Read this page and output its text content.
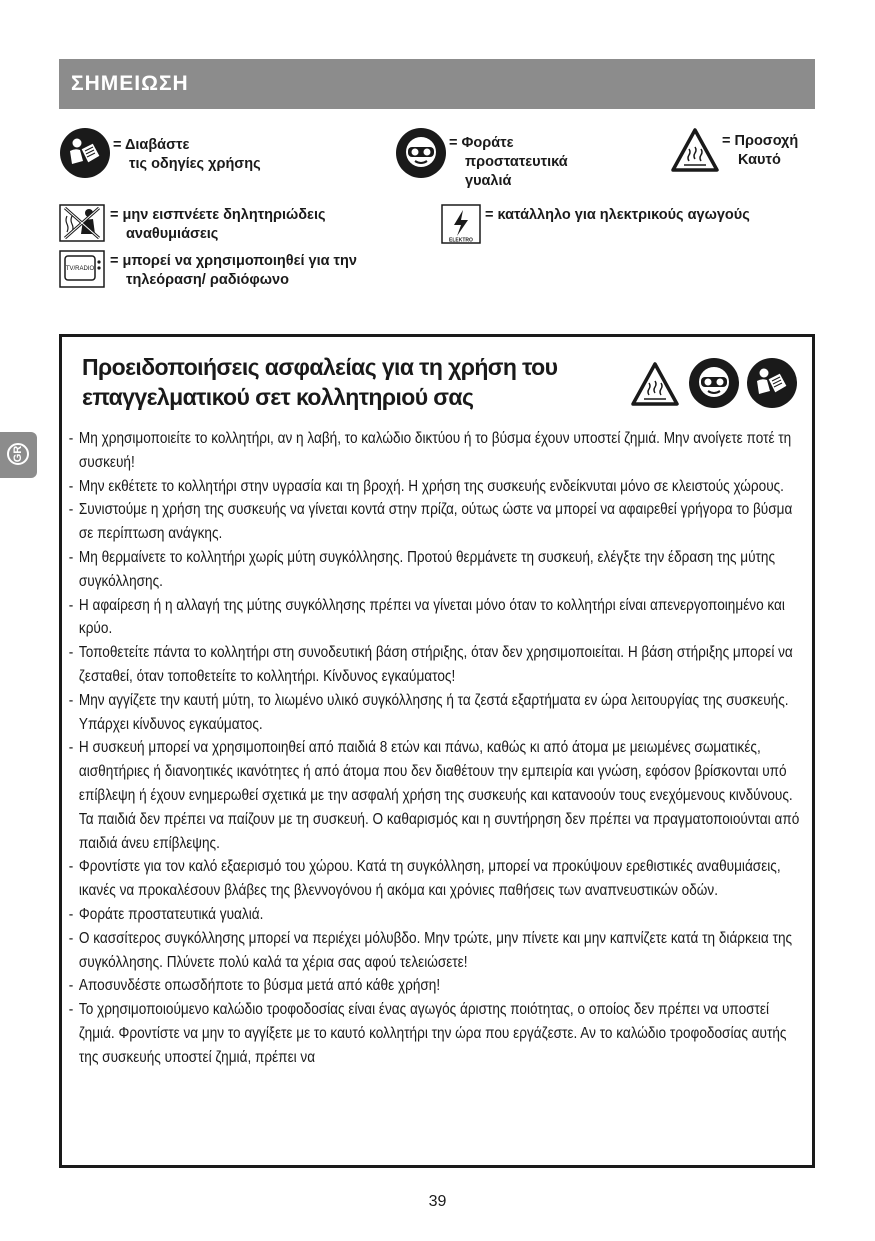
ΣΗΜΕΙΩΣΗ
= Διαβάστε
τις οδηγίες χρήσης
= Φοράτε
προστατευτικά
γυαλιά
= Προσοχή
Καυτό
= μην εισπνέετε δηλητηριώδεις
αναθυμιάσεις	ELEKTRO
= κατάλληλο για ηλεκτρικούς αγωγούς
TV/RADIO = μπορεί να χρησιμοποιηθεί για την
τηλεόραση/ ραδιόφωνο
GR
Προειδοποιήσεις ασφαλείας για τη χρήση του επαγγελματικού σετ κολλητηριού σας
- Μη χρησιμοποιείτε το κολλητήρι, αν η λαβή, το καλώδιο δικτύου ή το βύσμα έχουν υποστεί ζημιά. Μην ανοίγετε ποτέ τη συσκευή!
- Μην εκθέτετε το κολλητήρι στην υγρασία και τη βροχή. Η χρήση της συσκευής ενδείκνυται μόνο σε κλειστούς χώρους.
- Συνιστούμε η χρήση της συσκευής να γίνεται κοντά στην πρίζα, ούτως ώστε να μπορεί να αφαιρεθεί γρήγορα το βύσμα σε περίπτωση ανάγκης.
- Μη θερμαίνετε το κολλητήρι χωρίς μύτη συγκόλλησης. Προτού θερμάνετε τη συσκευή, ελέγξτε την έδραση της μύτης συγκόλλησης.
- Η αφαίρεση ή η αλλαγή της μύτης συγκόλλησης πρέπει να γίνεται μόνο όταν το κολλητήρι είναι απενεργοποιημένο και κρύο.
- Τοποθετείτε πάντα το κολλητήρι στη συνοδευτική βάση στήριξης, όταν δεν χρησιμοποιείται. Η βάση στήριξης μπορεί να ζεσταθεί, όταν τοποθετείτε το κολλητήρι. Κίνδυνος εγκαύματος!
- Μην αγγίζετε την καυτή μύτη, το λιωμένο υλικό συγκόλλησης ή τα ζεστά εξαρτήματα εν ώρα λειτουργίας της συσκευής. Υπάρχει κίνδυνος εγκαύματος.
- Η συσκευή μπορεί να χρησιμοποιηθεί από παιδιά 8 ετών και πάνω, καθώς κι από άτομα με μειωμένες σωματικές, αισθητήριες ή διανοητικές ικανότητες ή από άτομα που δεν διαθέτουν την εμπειρία και γνώση, εφόσον βρίσκονται υπό επίβλεψη ή έχουν ενημερωθεί σχετικά με την ασφαλή χρήση της συσκευής και κατανοούν τους ενεχόμενους κινδύνους. Τα παιδιά δεν πρέπει να παίζουν με τη συσκευή. Ο καθαρισμός και η συντήρηση δεν πρέπει να πραγματοποιούνται από παιδιά άνευ επίβλεψης.
- Φροντίστε για τον καλό εξαερισμό του χώρου. Κατά τη συγκόλληση, μπορεί να προκύψουν ερεθιστικές αναθυμιάσεις, ικανές να προκαλέσουν βλάβες της βλεννογόνου ή ακόμα και χρόνιες παθήσεις των αναπνευστικών οδών.
- Φοράτε προστατευτικά γυαλιά.
- Ο κασσίτερος συγκόλλησης μπορεί να περιέχει μόλυβδο. Μην τρώτε, μην πίνετε και μην καπνίζετε κατά τη διάρκεια της συγκόλλησης. Πλύνετε πολύ καλά τα χέρια σας αφού τελειώσετε!
- Αποσυνδέστε οπωσδήποτε το βύσμα μετά από κάθε χρήση!
- Το χρησιμοποιούμενο καλώδιο τροφοδοσίας είναι ένας αγωγός άριστης ποιότητας, ο οποίος δεν πρέπει να υποστεί ζημιά. Φροντίστε να μην το αγγίξετε με το καυτό κολλητήρι την ώρα που εργάζεστε. Αν το καλώδιο τροφοδοσίας αυτής της συσκευής υποστεί ζημιά, πρέπει να
39
